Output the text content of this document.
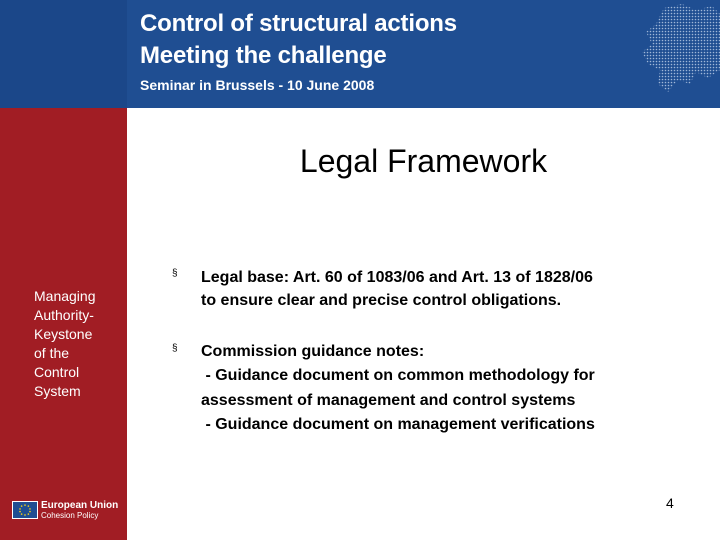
Control of structural actions
Meeting the challenge
Seminar in Brussels - 10 June 2008
Managing
Authority-
Keystone
of the
Control
System
European Union
Cohesion Policy
Legal Framework
§ Legal base: Art. 60 of 1083/06 and Art. 13 of 1828/06
to ensure clear and precise control obligations.
§ Commission guidance notes:
- Guidance document on common methodology for
assessment of management and control systems
- Guidance document on management verifications
4
